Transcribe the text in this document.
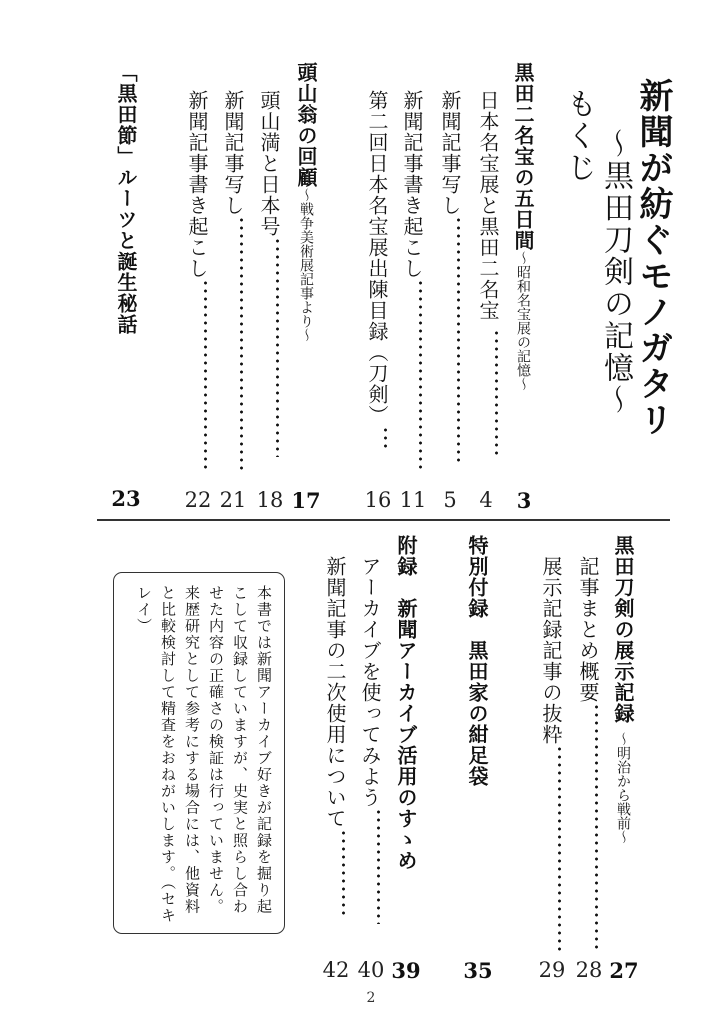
新聞が紡ぐモノガタリ
～黒田刀剣の記憶～
もくじ
黒田二名宝の五日間～昭和名宝展の記憶～
3
日本名宝展と黒田二名宝
4
新聞記事写し
5
新聞記事書き起こし
11
第二回日本名宝展出陳目録（刀剣）
16
頭山翁の回顧～戦争美術展記事より～
17
頭山満と日本号
18
新聞記事写し
21
新聞記事書き起こし
22
「黒田節」ルーツと誕生秘話
23
黒田刀剣の展示記録～明治から戦前～
27
記事まとめ概要
28
展示記録記事の抜粋
29
特別付録　黒田家の紺足袋
35
附録　新聞アーカイブ活用のすゝめ
39
アーカイブを使ってみよう
40
新聞記事の二次使用について
42
本書では新聞アーカイブ好きが記録を掘り起こして収録していますが、史実と照らし合わせた内容の正確さの検証は行っていません。来歴研究として参考にする場合には、他資料と比較検討して精査をおねがいします。（セキレイ）
2
